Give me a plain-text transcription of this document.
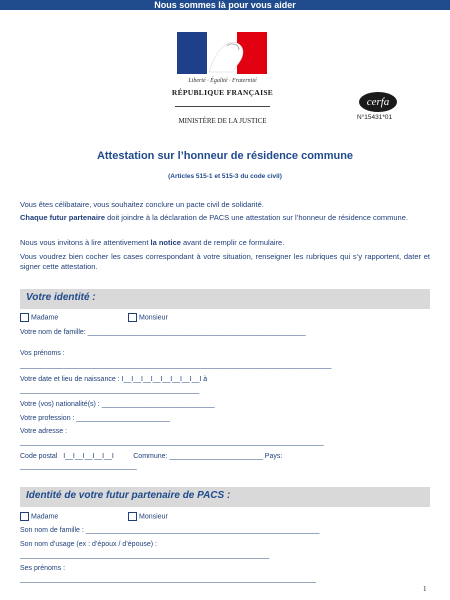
Nous sommes là pour vous aider
Liberté · Égalité · Fraternité
RÉPUBLIQUE FRANÇAISE
MINISTÈRE DE LA JUSTICE
cerfa
N°15431*01
Attestation sur l’honneur de résidence commune
(Articles 515-1 et 515-3 du code civil)
Vous êtes célibataire, vous souhaitez conclure un pacte civil de solidarité.
Chaque futur partenaire doit joindre à la déclaration de PACS une attestation sur l’honneur de résidence commune.
Nous vous invitons à lire attentivement la notice avant de remplir ce formulaire.
Vous voudrez bien cocher les cases correspondant à votre situation, renseigner les rubriques qui s’y rapportent, dater et signer cette attestation.
Votre identité :
Madame	Monsieur
Votre nom de famille: ________________________________________________________
Vos prénoms :
________________________________________________________________________________
Votre date et lieu de naissance : I__I__I__I__I__I__I__I__I à
______________________________________________
Votre (vos) nationalité(s) : _____________________________
Votre profession : ________________________
Votre adresse :
______________________________________________________________________________
Code postal   I__I__I__I__I__I          Commune: ________________________ Pays:
______________________________
Identité de votre futur partenaire de PACS :
Madame	Monsieur
Son nom de famille : ____________________________________________________________
Son nom d’usage (ex : d’époux / d’épouse) :
________________________________________________________________
Ses prénoms :
____________________________________________________________________________
1
